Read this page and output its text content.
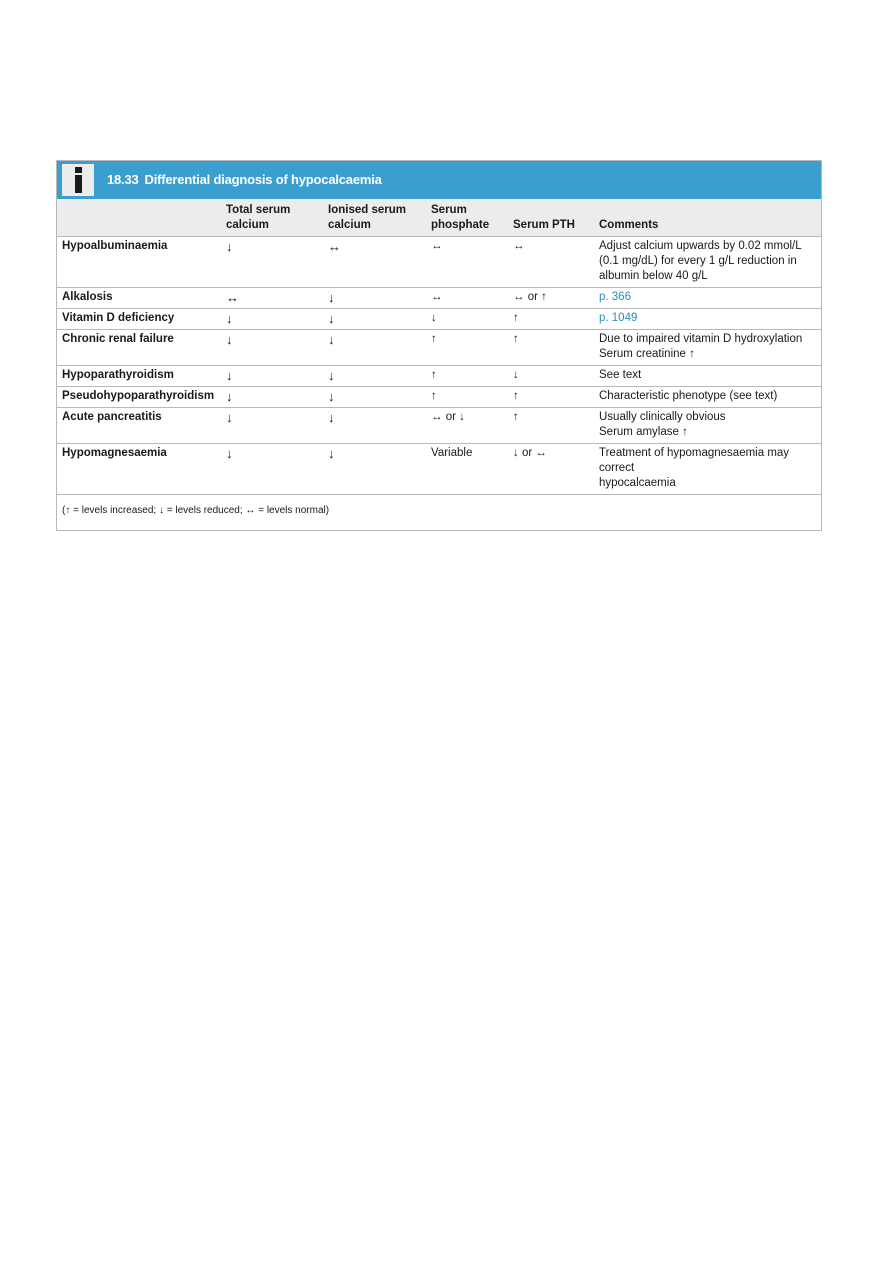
18.33 Differential diagnosis of hypocalcaemia
	Total serum calcium	Ionised serum calcium	Serum phosphate	Serum PTH	Comments
Hypoalbuminaemia	↓	↔	↔	↔	Adjust calcium upwards by 0.02 mmol/L
(0.1 mg/dL) for every 1 g/L reduction in
albumin below 40 g/L

Alkalosis	↔	↓	↔	↔ or ↑	p. 366

Vitamin D deficiency	↓	↓	↓	↑	p. 1049

Chronic renal failure	↓	↓	↑	↑	Due to impaired vitamin D hydroxylation
Serum creatinine ↑

Hypoparathyroidism	↓	↓	↑	↓	See text

Pseudohypoparathyroidism	↓	↓	↑	↑	Characteristic phenotype (see text)

Acute pancreatitis	↓	↓	↔ or ↓	↑	Usually clinically obvious
Serum amylase ↑

Hypomagnesaemia	↓	↓	Variable	↓ or ↔	Treatment of hypomagnesaemia may correct
hypocalcaemia
(↑ = levels increased; ↓ = levels reduced; ↔ = levels normal)
